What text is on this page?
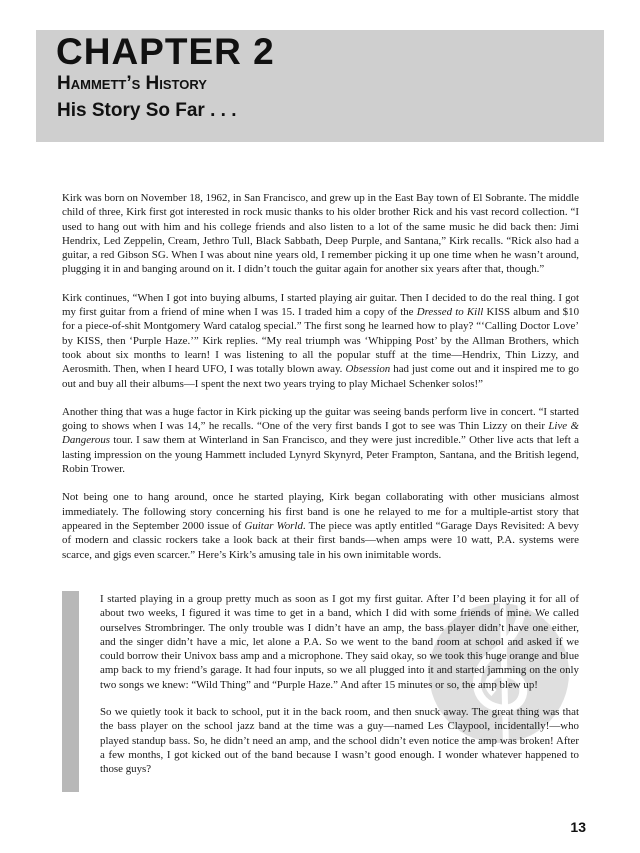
CHAPTER 2
Hammett’s History
His Story So Far . . .

Kirk was born on November 18, 1962, in San Francisco, and grew up in the East Bay town of El Sobrante. The middle child of three, Kirk first got interested in rock music thanks to his older brother Rick and his vast record collection. “I used to hang out with him and his college friends and also listen to a lot of the same music he did back then: Jimi Hendrix, Led Zeppelin, Cream, Jethro Tull, Black Sabbath, Deep Purple, and Santana,” Kirk recalls. “Rick also had a guitar, a red Gibson SG. When I was about nine years old, I remember picking it up one time when he wasn’t around, plugging it in and banging around on it. I didn’t touch the guitar again for another six years after that, though.”

Kirk continues, “When I got into buying albums, I started playing air guitar. Then I decided to do the real thing. I got my first guitar from a friend of mine when I was 15. I traded him a copy of the Dressed to Kill KISS album and $10 for a piece-of-shit Montgomery Ward catalog special.” The first song he learned how to play? “‘Calling Doctor Love’ by KISS, then ‘Purple Haze.’” Kirk replies. “My real triumph was ‘Whipping Post’ by the Allman Brothers, which took about six months to learn! I was listening to all the popular stuff at the time—Hendrix, Thin Lizzy, and Aerosmith. Then, when I heard UFO, I was totally blown away. Obsession had just come out and it inspired me to go out and buy all their albums—I spent the next two years trying to play Michael Schenker solos!”

Another thing that was a huge factor in Kirk picking up the guitar was seeing bands perform live in concert. “I started going to shows when I was 14,” he recalls. “One of the very first bands I got to see was Thin Lizzy on their Live & Dangerous tour. I saw them at Winterland in San Francisco, and they were just incredible.” Other live acts that left a lasting impression on the young Hammett included Lynyrd Skynyrd, Peter Frampton, Santana, and the British legend, Robin Trower.

Not being one to hang around, once he started playing, Kirk began collaborating with other musicians almost immediately. The following story concerning his first band is one he relayed to me for a multiple-artist story that appeared in the September 2000 issue of Guitar World. The piece was aptly entitled “Garage Days Revisited: A bevy of modern and classic rockers take a look back at their first bands—when amps were 10 watt, P.A. systems were scarce, and gigs even scarcer.” Here’s Kirk’s amusing tale in his own inimitable words.

I started playing in a group pretty much as soon as I got my first guitar. After I’d been playing it for all of about two weeks, I figured it was time to get in a band, which I did with some friends of mine. We called ourselves Strombringer. The only trouble was I didn’t have an amp, the bass player didn’t have one either, and the singer didn’t have a mic, let alone a P.A. So we went to the band room at school and asked if we could borrow their Univox bass amp and a microphone. They said okay, so we took this huge orange and blue amp back to my friend’s garage. It had four inputs, so we all plugged into it and started jamming on the only two songs we knew: “Wild Thing” and “Purple Haze.” And after 15 minutes or so, the amp blew up!

So we quietly took it back to school, put it in the back room, and then snuck away. The great thing was that the bass player on the school jazz band at the time was a guy—named Les Claypool, incidentally!—who played standup bass. So, he didn’t need an amp, and the school didn’t even notice the amp was broken! After a few months, I got kicked out of the band because I wasn’t good enough. I wonder whatever happened to those guys?

13
